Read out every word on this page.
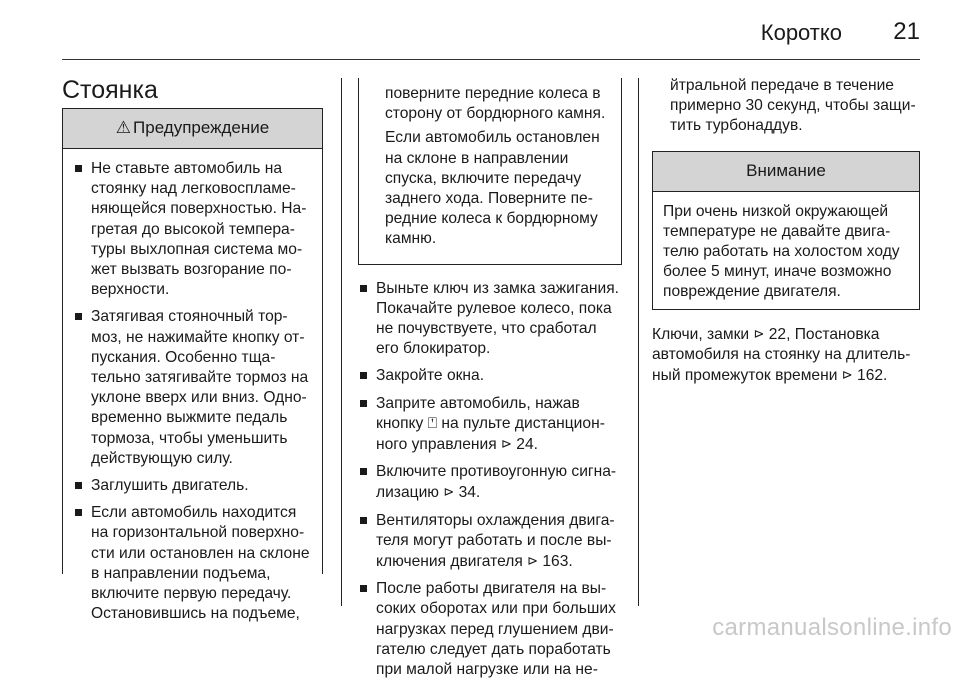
Коротко 21
Стоянка
⚠ Предупреждение
Не ставьте автомобиль на стоянку над легковоспламеняющейся поверхностью. Нагретая до высокой температуры выхлопная система может вызвать возгорание поверхности.
Затягивая стояночный тормоз, не нажимайте кнопку отпускания. Особенно тщательно затягивайте тормоз на уклоне вверх или вниз. Одновременно выжмите педаль тормоза, чтобы уменьшить действующую силу.
Заглушить двигатель.
Если автомобиль находится на горизонтальной поверхности или остановлен на склоне в направлении подъема, включите первую передачу. Остановившись на подъеме,
поверните передние колеса в сторону от бордюрного камня.
Если автомобиль остановлен на склоне в направлении спуска, включите передачу заднего хода. Поверните передние колеса к бордюрному камню.
Выньте ключ из замка зажигания. Покачайте рулевое колесо, пока не почувствуете, что сработал его блокиратор.
Закройте окна.
Заприте автомобиль, нажав кнопку ⍞ на пульте дистанционного управления ⊳ 24.
Включите противоугонную сигнализацию ⊳ 34.
Вентиляторы охлаждения двигателя могут работать и после выключения двигателя ⊳ 163.
После работы двигателя на высоких оборотах или при больших нагрузках перед глушением двигателю следует дать поработать при малой нагрузке или на не-
йтральной передаче в течение примерно 30 секунд, чтобы защитить турбонаддув.
Внимание
При очень низкой окружающей температуре не давайте двигателю работать на холостом ходу более 5 минут, иначе возможно повреждение двигателя.
Ключи, замки ⊳ 22, Постановка автомобиля на стоянку на длительный промежуток времени ⊳ 162.
carmanualsonline.info
